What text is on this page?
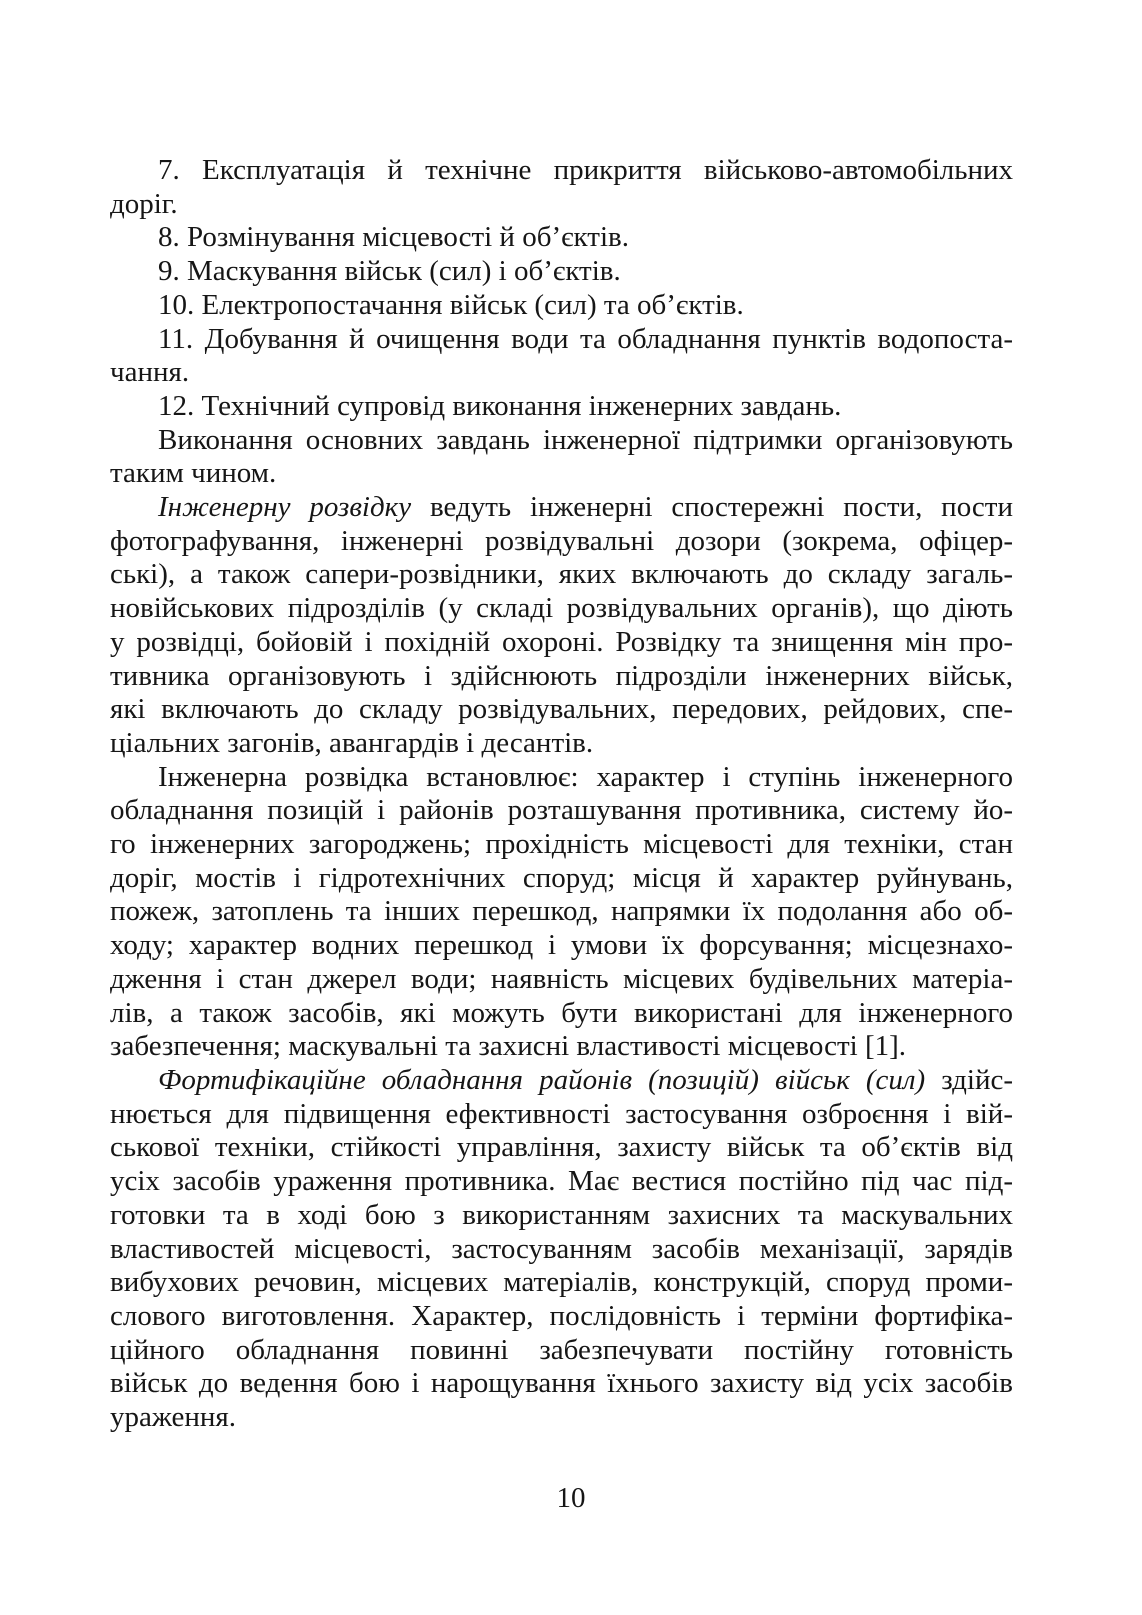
7. Експлуатація й технічне прикриття військово-автомобільних
доріг.

8. Розмінування місцевості й об’єктів.

9. Маскування військ (сил) і об’єктів.

10. Електропостачання військ (сил) та об’єктів.

11. Добування й очищення води та обладнання пунктів водопоста-
чання.

12. Технічний супровід виконання інженерних завдань.

Виконання основних завдань інженерної підтримки організовують
таким чином.

Інженерну розвідку ведуть інженерні спостережні пости, пости
фотографування, інженерні розвідувальні дозори (зокрема, офіцер-
ські), а також сапери-розвідники, яких включають до складу загаль-
новійськових підрозділів (у складі розвідувальних органів), що діють
у розвідці, бойовій і похідній охороні. Розвідку та знищення мін про-
тивника організовують і здійснюють підрозділи інженерних військ,
які включають до складу розвідувальних, передових, рейдових, спе-
ціальних загонів, авангардів і десантів.

Інженерна розвідка встановлює: характер і ступінь інженерного
обладнання позицій і районів розташування противника, систему йо-
го інженерних загороджень; прохідність місцевості для техніки, стан
доріг, мостів і гідротехнічних споруд; місця й характер руйнувань,
пожеж, затоплень та інших перешкод, напрямки їх подолання або об-
ходу; характер водних перешкод і умови їх форсування; місцезнахо-
дження і стан джерел води; наявність місцевих будівельних матеріа-
лів, а також засобів, які можуть бути використані для інженерного
забезпечення; маскувальні та захисні властивості місцевості [1].

Фортифікаційне обладнання районів (позицій) військ (сил) здійс-
нюється для підвищення ефективності застосування озброєння і вій-
ськової техніки, стійкості управління, захисту військ та об’єктів від
усіх засобів ураження противника. Має вестися постійно під час під-
готовки та в ході бою з використанням захисних та маскувальних
властивостей місцевості, застосуванням засобів механізації, зарядів
вибухових речовин, місцевих матеріалів, конструкцій, споруд проми-
слового виготовлення. Характер, послідовність і терміни фортифіка-
ційного обладнання повинні забезпечувати постійну готовність
військ до ведення бою і нарощування їхнього захисту від усіх засобів
ураження.

10
